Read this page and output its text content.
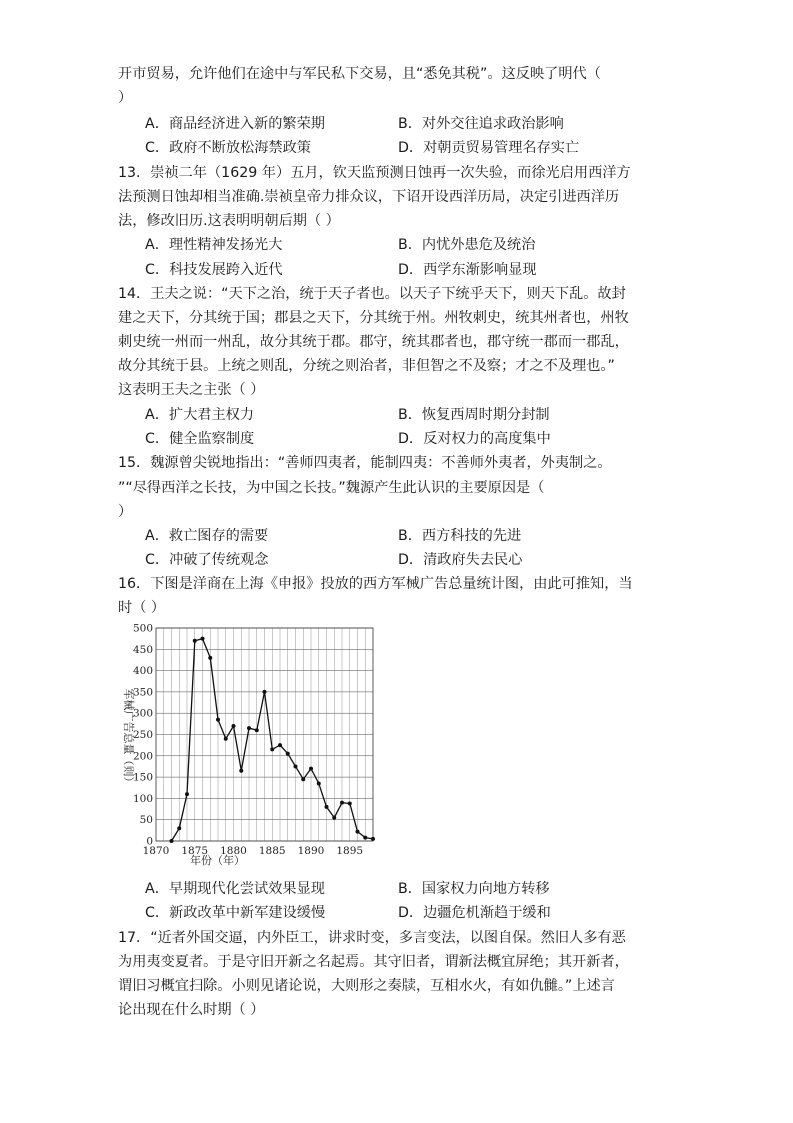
开市贸易，允许他们在途中与军民私下交易，且“悉免其税”。这反映了明代（
）
A．商品经济进入新的繁荣期	B．对外交往追求政治影响
C．政府不断放松海禁政策	D．对朝贡贸易管理名存实亡
13．崇祯二年（1629 年）五月，钦天监预测日蚀再一次失验，而徐光启用西洋方
法预测日蚀却相当准确.崇祯皇帝力排众议，下诏开设西洋历局，决定引进西洋历
法，修改旧历.这表明明朝后期（ ）
A．理性精神发扬光大	B．内忧外患危及统治
C．科技发展跨入近代	D．西学东渐影响显现
14．王夫之说：“天下之治，统于天子者也。以天子下统乎天下，则天下乱。故封
建之天下，分其统于国；郡县之天下，分其统于州。州牧刺史，统其州者也，州牧
刺史统一州而一州乱，故分其统于郡。郡守，统其郡者也，郡守统一郡而一郡乱，
故分其统于县。上统之则乱，分统之则治者，非但智之不及察；才之不及理也。”
这表明王夫之主张（ ）
A．扩大君主权力	B．恢复西周时期分封制
C．健全监察制度	D．反对权力的高度集中
15．魏源曾尖锐地指出：“善师四夷者，能制四夷：不善师外夷者，外夷制之。
”“尽得西洋之长技，为中国之长技。”魏源产生此认识的主要原因是（
）
A．救亡图存的需要	B．西方科技的先进
C．冲破了传统观念	D．清政府失去民心
16．下图是洋商在上海《申报》投放的西方军械广告总量统计图，由此可推知，当
时（ ）
0
50
100
150
200
250
300
350
400
450
500
1870 1875 1880 1885 1890 1895
军械广告总量（则）
年份（年）
A．早期现代化尝试效果显现	B．国家权力向地方转移
C．新政改革中新军建设缓慢	D．边疆危机渐趋于缓和
17．“近者外国交逼，内外臣工，讲求时变，多言变法，以图自保。然旧人多有恶
为用夷变夏者。于是守旧开新之名起焉。其守旧者，谓新法概宜屏绝；其开新者，
谓旧习概宜扫除。小则见诸论说，大则形之奏牍，互相水火，有如仇雠。”上述言
论出现在什么时期（ ）
